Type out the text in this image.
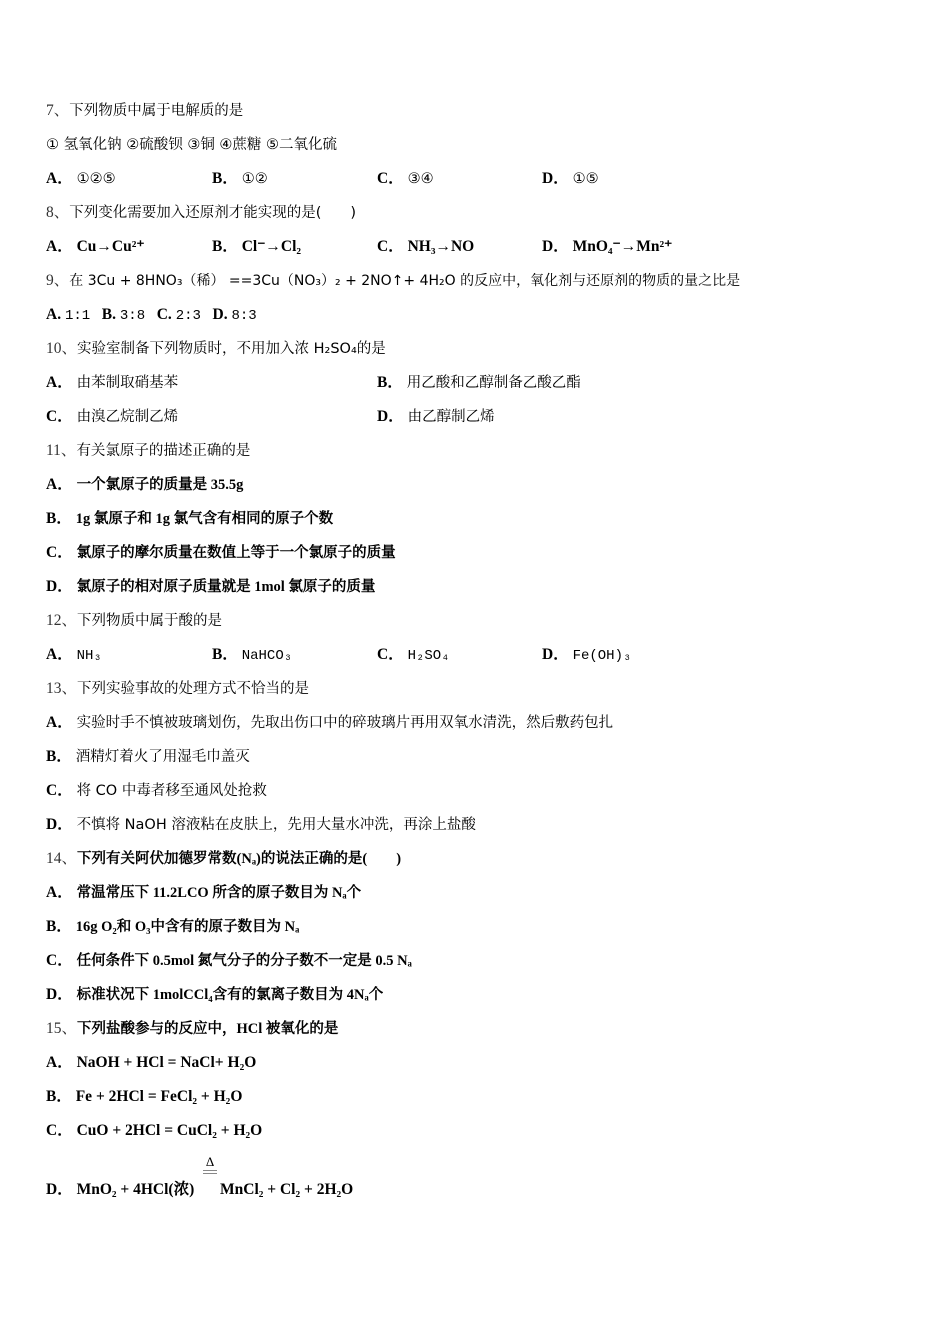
7、下列物质中属于电解质的是
① 氢氧化钠 ②硫酸钡 ③铜 ④蔗糖 ⑤二氧化硫
A． ①②⑤	B． ①②	C． ③④	D． ①⑤
8、下列变化需要加入还原剂才能实现的是(　　)
A． Cu→Cu²⁺	B． Cl⁻→Cl₂	C． NH₃→NO	D． MnO₄⁻→Mn²⁺
9、在 3Cu + 8HNO₃（稀） ==3Cu（NO₃）₂ + 2NO↑+ 4H₂O 的反应中，氧化剂与还原剂的物质的量之比是
A. 1:1 B. 3:8 C. 2:3 D. 8:3
10、实验室制备下列物质时，不用加入浓 H₂SO₄的是
A． 由苯制取硝基苯	B． 用乙酸和乙醇制备乙酸乙酯
C． 由溴乙烷制乙烯	D． 由乙醇制乙烯
11、有关氯原子的描述正确的是
A． 一个氯原子的质量是 35.5g
B． 1g 氯原子和 1g 氯气含有相同的原子个数
C． 氯原子的摩尔质量在数值上等于一个氯原子的质量
D． 氯原子的相对原子质量就是 1mol 氯原子的质量
12、下列物质中属于酸的是
A． NH₃	B． NaHCO₃	C． H₂SO₄	D． Fe(OH)₃
13、下列实验事故的处理方式不恰当的是
A． 实验时手不慎被玻璃划伤，先取出伤口中的碎玻璃片再用双氧水清洗，然后敷药包扎
B． 酒精灯着火了用湿毛巾盖灭
C． 将 CO 中毒者移至通风处抢救
D． 不慎将 NaOH 溶液粘在皮肤上，先用大量水冲洗，再涂上盐酸
14、下列有关阿伏加德罗常数(Nₐ)的说法正确的是(　　)
A． 常温常压下 11.2LCO 所含的原子数目为 Nₐ个
B． 16g O₂和 O₃中含有的原子数目为 Nₐ
C． 任何条件下 0.5mol 氮气分子的分子数不一定是 0.5 Nₐ
D． 标准状况下 1molCCl₄含有的氯离子数目为 4Nₐ个
15、下列盐酸参与的反应中，HCl 被氧化的是
A． NaOH + HCl = NaCl+ H₂O
B． Fe + 2HCl = FeCl₂ + H₂O
C． CuO + 2HCl = CuCl₂ + H₂O
D． MnO₂ + 4HCl(浓)
Δ
MnCl₂ + Cl₂ + 2H₂O
